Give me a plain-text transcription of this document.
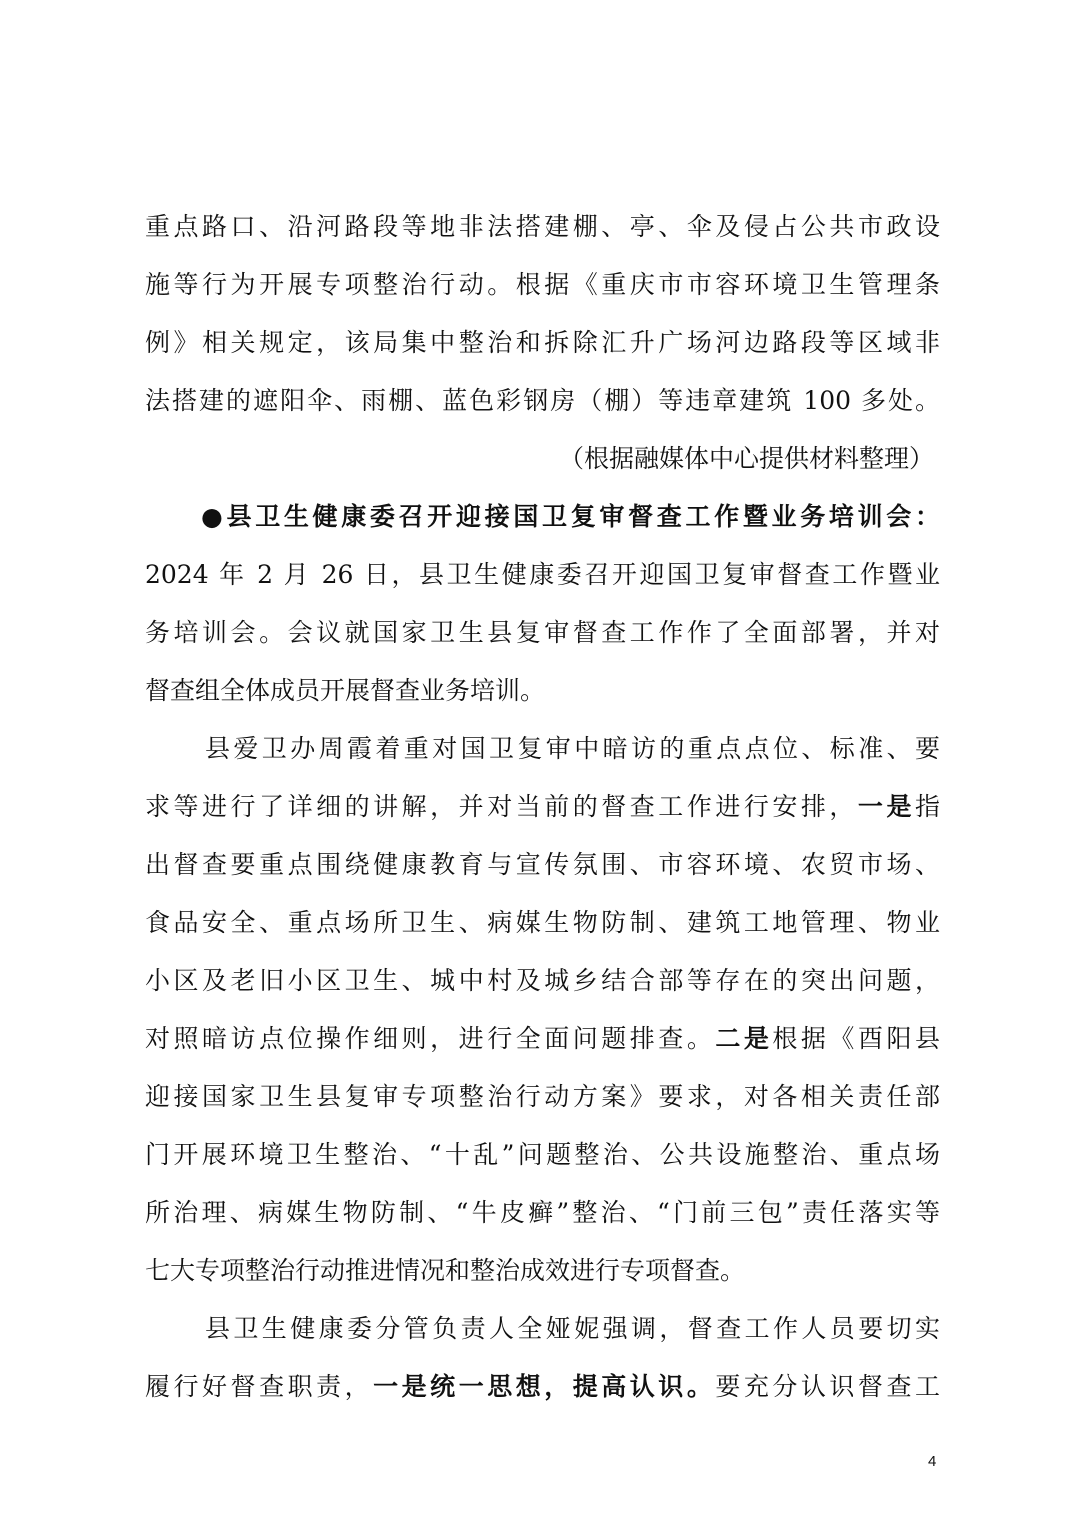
重点路口、沿河路段等地非法搭建棚、亭、伞及侵占公共市政设
施等行为开展专项整治行动。根据《重庆市市容环境卫生管理条
例》相关规定，该局集中整治和拆除汇升广场河边路段等区域非
法搭建的遮阳伞、雨棚、蓝色彩钢房（棚）等违章建筑 100 多处。
（根据融媒体中心提供材料整理）
●县卫生健康委召开迎接国卫复审督查工作暨业务培训会：
2024 年 2 月 26 日，县卫生健康委召开迎国卫复审督查工作暨业
务培训会。会议就国家卫生县复审督查工作作了全面部署，并对
督查组全体成员开展督查业务培训。
县爱卫办周霞着重对国卫复审中暗访的重点点位、标准、要
求等进行了详细的讲解，并对当前的督查工作进行安排，一是指
出督查要重点围绕健康教育与宣传氛围、市容环境、农贸市场、
食品安全、重点场所卫生、病媒生物防制、建筑工地管理、物业
小区及老旧小区卫生、城中村及城乡结合部等存在的突出问题，
对照暗访点位操作细则，进行全面问题排查。二是根据《酉阳县
迎接国家卫生县复审专项整治行动方案》要求，对各相关责任部
门开展环境卫生整治、“十乱”问题整治、公共设施整治、重点场
所治理、病媒生物防制、“牛皮癣”整治、“门前三包”责任落实等
七大专项整治行动推进情况和整治成效进行专项督查。
县卫生健康委分管负责人全娅妮强调，督查工作人员要切实
履行好督查职责，一是统一思想，提高认识。要充分认识督查工
4
